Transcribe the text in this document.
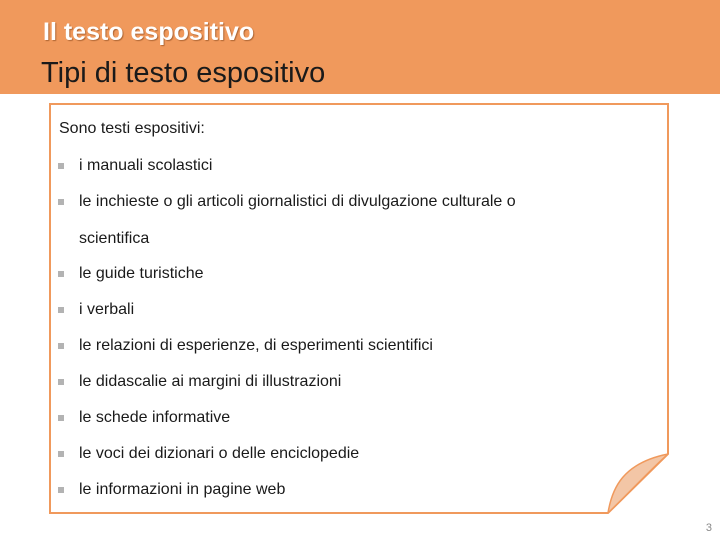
Il testo espositivo
Tipi di testo espositivo
Sono testi espositivi:
i manuali scolastici
le inchieste o gli articoli giornalistici di divulgazione culturale o
scientifica
le guide turistiche
i verbali
le relazioni di esperienze, di esperimenti scientifici
le didascalie ai margini di illustrazioni
le schede informative
le voci dei dizionari o delle enciclopedie
le informazioni in pagine web
3
